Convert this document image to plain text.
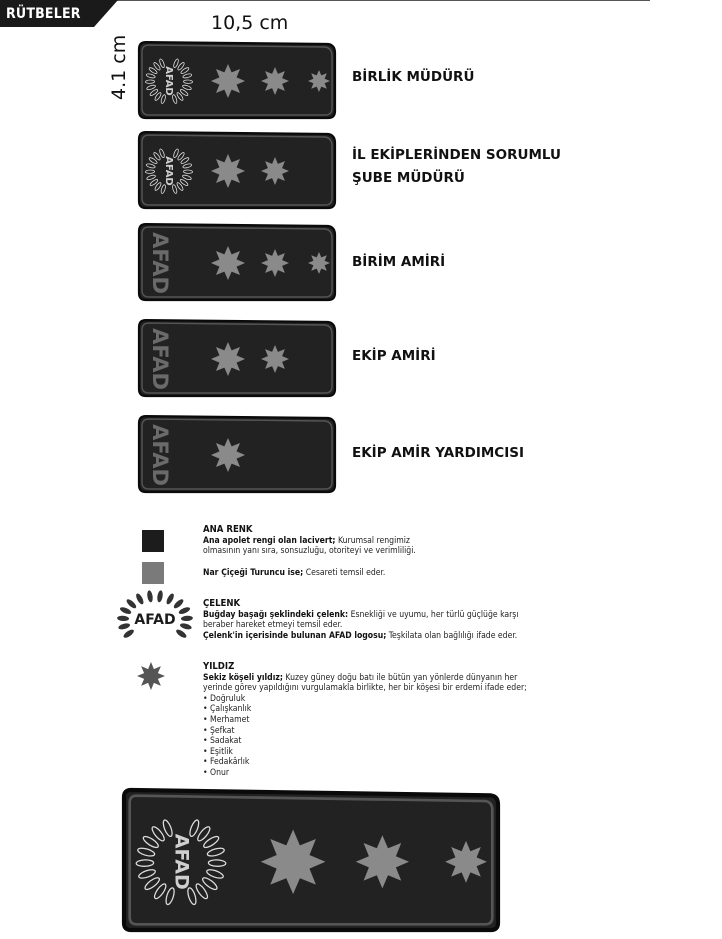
RÜTBELER	10,5 cm
4.1 cm	AFAD
AFAD
AFAD
AFAD
AFAD
AFAD
AFAD
BİRLİK MÜDÜRÜ
İL EKİPLERİNDEN SORUMLU
ŞUBE MÜDÜRÜ
BİRİM AMİRİ
EKİP AMİRİ
EKİP AMİR YARDIMCISI
ANA RENK
Ana apolet rengi olan lacivert; Kurumsal rengimiz
olmasının yanı sıra, sonsuzluğu, otoriteyi ve verimliliği.
Nar Çiçeği Turuncu ise; Cesareti temsil eder.
ÇELENK
Buğday başağı şeklindeki çelenk: Esnekliği ve uyumu, her türlü güçlüğe karşı
beraber hareket etmeyi temsil eder.
Çelenk'in içerisinde bulunan AFAD logosu; Teşkilata olan bağlılığı ifade eder.
YILDIZ
Sekiz köşeli yıldız; Kuzey güney doğu batı ile bütün yan yönlerde dünyanın her
yerinde görev yapıldığını vurgulamakla birlikte, her bir köşesi bir erdemi ifade eder;
• Doğruluk
• Çalışkanlık
• Merhamet
• Şefkat
• Sadakat
• Eşitlik
• Fedakârlık
• Onur
